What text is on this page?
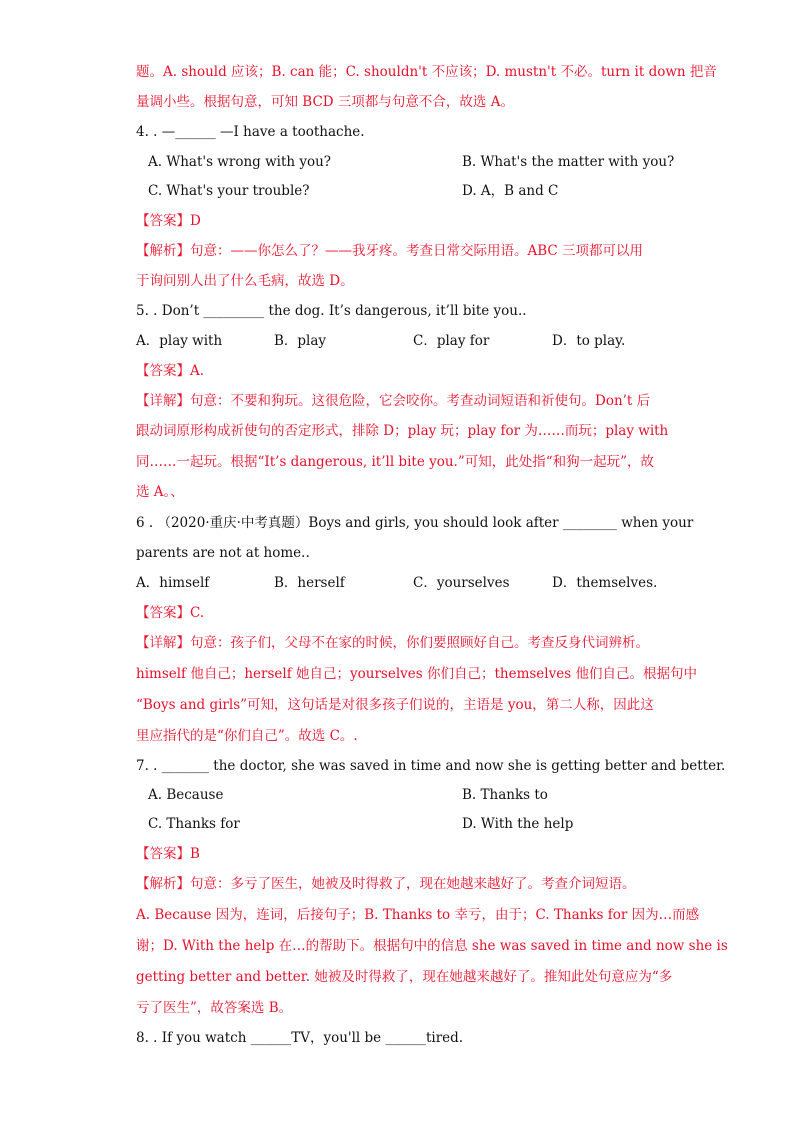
题。A. should 应该；B. can 能；C. shouldn't 不应该；D. mustn't 不必。turn it down 把音
量调小些。根据句意，可知 BCD 三项都与句意不合，故选 A。
4. . —______ —I have a toothache.
A. What's wrong with you?	B. What's the matter with you?
C. What's your trouble?	D. A，B and C
【答案】D
【解析】句意：——你怎么了？——我牙疼。考查日常交际用语。ABC 三项都可以用
于询问别人出了什么毛病，故选 D。
5. . Don’t _________ the dog. It’s dangerous, it’ll bite you..
A．play with	B．play	C．play for	D．to play.
【答案】A.
【详解】句意：不要和狗玩。这很危险，它会咬你。考查动词短语和祈使句。Don’t 后
跟动词原形构成祈使句的否定形式，排除 D；play 玩；play for 为……而玩；play with
同……一起玩。根据“It’s dangerous, it’ll bite you.”可知，此处指“和狗一起玩”，故
选 A。、
6 . （2020·重庆·中考真题）Boys and girls, you should look after ________ when your
parents are not at home..
A．himself	B．herself	C．yourselves	D．themselves.
【答案】C.
【详解】句意：孩子们，父母不在家的时候，你们要照顾好自己。考查反身代词辨析。
himself 他自己；herself 她自己；yourselves 你们自己；themselves 他们自己。根据句中
“Boys and girls”可知，这句话是对很多孩子们说的，主语是 you，第二人称，因此这
里应指代的是“你们自己”。故选 C。.
7. . _______ the doctor, she was saved in time and now she is getting better and better.
A. Because	B. Thanks to
C. Thanks for	D. With the help
【答案】B
【解析】句意：多亏了医生，她被及时得救了，现在她越来越好了。考查介词短语。
A. Because 因为，连词，后接句子；B. Thanks to 幸亏，由于；C. Thanks for 因为…而感
谢；D. With the help 在…的帮助下。根据句中的信息 she was saved in time and now she is
getting better and better. 她被及时得救了，现在她越来越好了。推知此处句意应为“多
亏了医生”，故答案选 B。
8. . If you watch ______TV，you'll be ______tired.
